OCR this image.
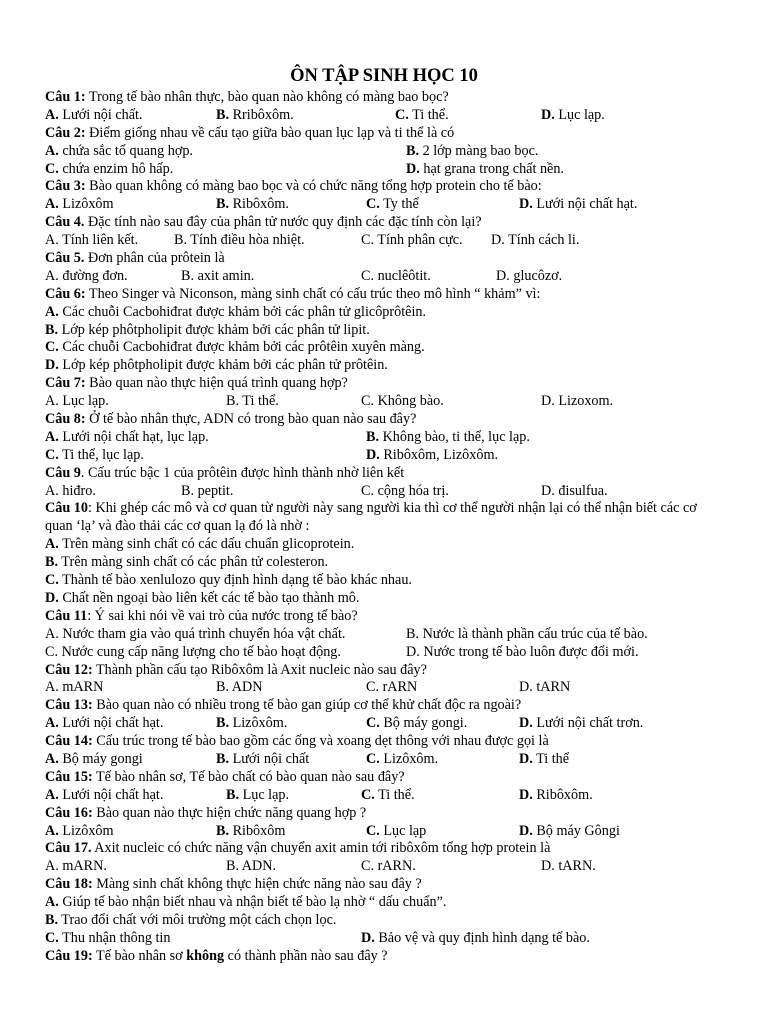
ÔN TẬP SINH HỌC 10
Câu 1: Trong tế bào nhân thực, bào quan nào không có màng bao bọc?
A. Lưới nội chất.	B. Rribôxôm.	C. Ti thể.	D. Lục lạp.
Câu 2: Điểm giống nhau về cấu tạo giữa bào quan lục lạp và ti thể là có
A. chứa sắc tố quang hợp.	B. 2 lớp màng bao bọc.
C. chứa enzim hô hấp.	D. hạt grana trong chất nền.
Câu 3: Bào quan không có màng bao bọc và có chức năng tổng hợp protein cho tế bào:
A. Lizôxôm	B. Ribôxôm.	C. Ty thể	D. Lưới nội chất hạt.
Câu 4. Đặc tính nào sau đây của phân tử nước quy định các đặc tính còn lại?
A. Tính liên kết.	B. Tính điều hòa nhiệt.	C. Tính phân cực. D. Tính cách li.
Câu 5. Đơn phân của prôtein là
A. đường đơn.	B. axit amin.	C. nuclêôtit.	D. glucôzơ.
Câu 6: Theo Singer và Niconson, màng sinh chất có cấu trúc theo mô hình “ khảm” vì:
A. Các chuỗi Cacbohiđrat được khảm bởi các phân tử glicôprôtêin.
B. Lớp kép phôtpholipit được khảm bởi các phân tử lipit.
C. Các chuỗi Cacbohiđrat được khảm bởi các prôtêin xuyên màng.
D. Lớp kép phôtpholipit được khảm bởi các phân tử prôtêin.
Câu 7: Bào quan nào thực hiện quá trình quang hợp?
A. Lục lạp.	B. Ti thể.	C. Không bào.	D. Lizoxom.
Câu 8: Ở tế bào nhân thực, ADN có trong bào quan nào sau đây?
A. Lưới nội chất hạt, lục lạp.	B. Không bào, ti thể, lục lạp.
C. Ti thể, lục lạp.	D. Ribôxôm, Lizôxôm.
Câu 9. Cấu trúc bậc 1 của prôtêin được hình thành nhờ liên kết
A. hiđro.	B. peptit.	C. cộng hóa trị.	D. đisulfua.
Câu 10: Khi ghép các mô và cơ quan từ người này sang người kia thì cơ thể người nhận lại có thể nhận biết các cơ quan ‘lạ’ và đào thải các cơ quan lạ đó là nhờ :
A. Trên màng sinh chất có các dấu chuẩn glicoprotein.
B. Trên màng sinh chất có các phân tử colesteron.
C. Thành tế bào xenlulozo quy định hình dạng tế bào khác nhau.
D. Chất nền ngoại bào liên kết các tế bào tạo thành mô.
Câu 11: Ý sai khi nói về vai trò của nước trong tế bào?
A. Nước tham gia vào quá trình chuyển hóa vật chất.	B. Nước là thành phần cấu trúc của tế bào.
C. Nước cung cấp năng lượng cho tế bào hoạt động.	D. Nước trong tế bào luôn được đổi mới.
Câu 12: Thành phần cấu tạo Ribôxôm là Axit nucleic nào sau đây?
A. mARN	B. ADN	C. rARN	D. tARN
Câu 13: Bào quan nào có nhiều trong tế bào gan giúp cơ thể khử chất độc ra ngoài?
A. Lưới nội chất hạt.	B. Lizôxôm.	C. Bộ máy gongi.	D. Lưới nội chất trơn.
Câu 14: Cấu trúc trong tế bào bao gồm các ống và xoang dẹt thông với nhau được gọi là
A. Bộ máy gongi	B. Lưới nội chất	C. Lizôxôm.	D. Ti thể
Câu 15: Tế bào nhân sơ, Tế bào chất có bào quan nào sau đây?
A. Lưới nội chất hạt.	B. Lục lạp.	C. Ti thể.	D. Ribôxôm.
Câu 16: Bào quan nào thực hiện chức năng quang hợp ?
A. Lizôxôm	B. Ribôxôm	C. Lục lạp	D. Bộ máy Gôngi
Câu 17. Axit nucleic có chức năng vận chuyển axit amin tới ribôxôm tổng hợp protein là
A. mARN.	B. ADN.	C. rARN.	D. tARN.
Câu 18: Màng sinh chất không thực hiện chức năng nào sau đây ?
A. Giúp tế bào nhận biết nhau và nhận biết tế bào lạ nhờ “ dấu chuẩn”.
B. Trao đổi chất với môi trường một cách chọn lọc.
C. Thu nhận thông tin	D. Bảo vệ và quy định hình dạng tế bào.
Câu 19: Tế bào nhân sơ không có thành phần nào sau đây ?
